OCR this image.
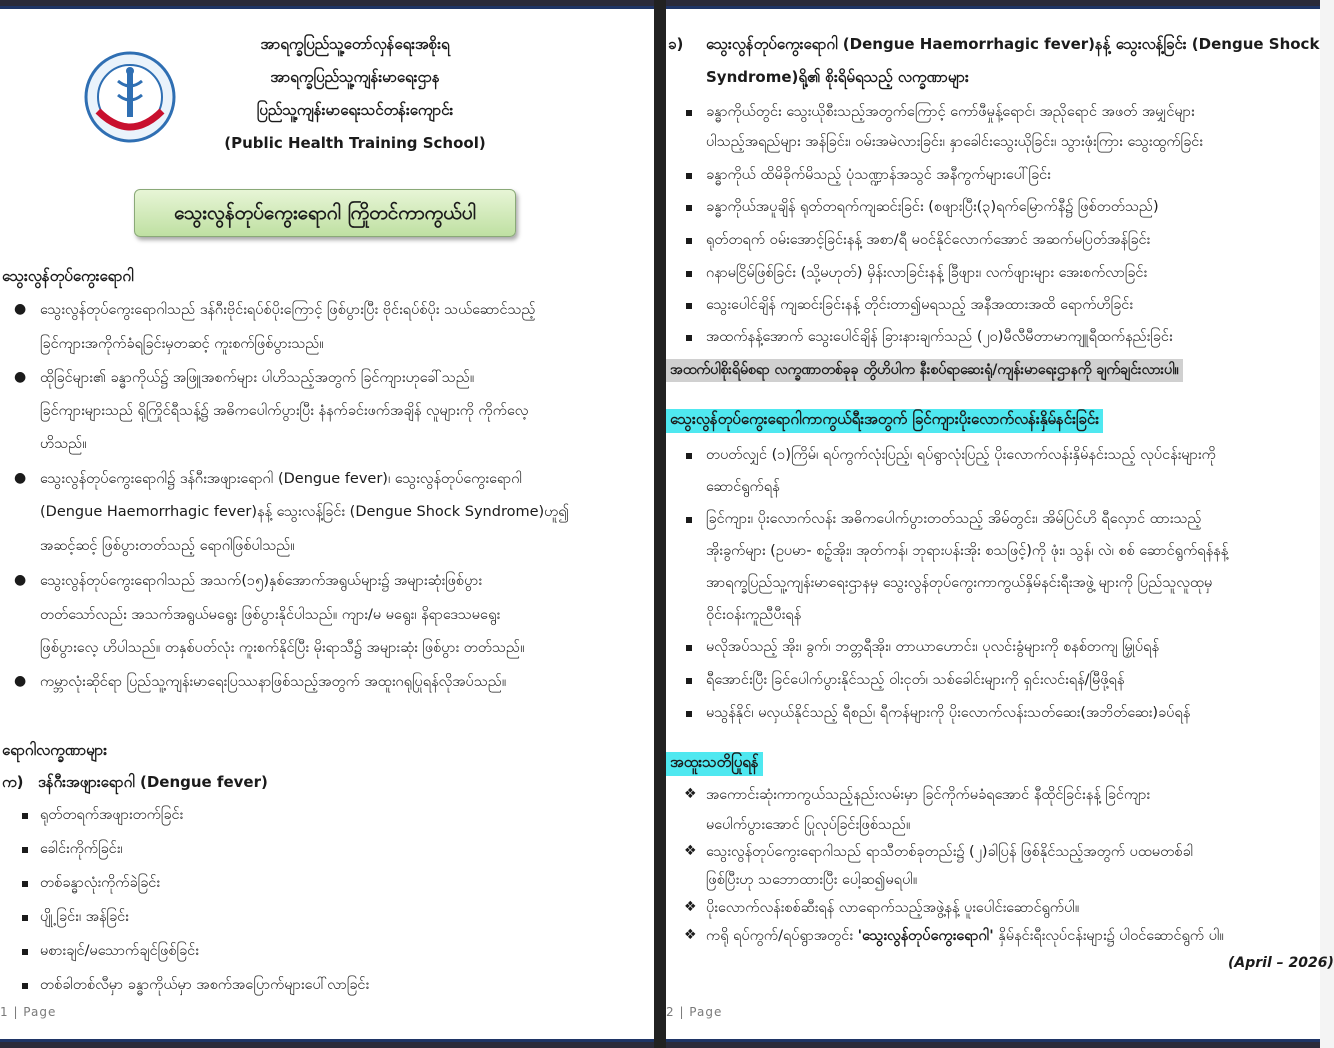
အာရက္ခပြည်သူ့တော်လှန်ရေးအစိုးရ
အာရက္ခပြည်သူ့ကျန်းမာရေးဌာန
ပြည်သူ့ကျန်းမာရေးသင်တန်းကျောင်း
(Public Health Training School)
သွေးလွန်တုပ်ကွေးရောဂါ ကြိုတင်ကာကွယ်ပါ
သွေးလွန်တုပ်ကွေးရောဂါ
● သွေးလွန်တုပ်ကွေးရောဂါသည် ဒန်ဂီးဗိုင်းရပ်စ်ပိုးကြောင့် ဖြစ်ပွားပြီး ဗိုင်းရပ်စ်ပိုး သယ်ဆောင်သည့်
ခြင်ကျားအကိုက်ခံရခြင်းမှတဆင့် ကူးစက်ဖြစ်ပွားသည်။
● ထိုခြင်များ၏ ခန္ဓာကိုယ်၌ အဖြူအစက်များ ပါဟိသည့်အတွက် ခြင်ကျားဟုခေါ်သည်။
ခြင်ကျားများသည် ရိုကြိုင်ရီသန့်၌ အဓိကပေါက်ပွားပြီး နံနက်ခင်းဖက်အချိန် လူများကို ကိုက်လေ့
ဟိသည်။
● သွေးလွန်တုပ်ကွေးရောဂါ၌ ဒန်ဂီးအဖျားရောဂါ (Dengue fever)၊ သွေးလွန်တုပ်ကွေးရောဂါ
(Dengue Haemorrhagic fever)နန့် သွေးလန့်ခြင်း (Dengue Shock Syndrome)ဟူ၍
အဆင့်ဆင့် ဖြစ်ပွားတတ်သည့် ရောဂါဖြစ်ပါသည်။
● သွေးလွန်တုပ်ကွေးရောဂါသည် အသက်(၁၅)နှစ်အောက်အရွယ်များ၌ အများဆုံးဖြစ်ပွား
တတ်သော်လည်း အသက်အရွယ်မရွေး ဖြစ်ပွားနိုင်ပါသည်။ ကျား/မ မရွေး၊ နိရာဒေသမရွေး
ဖြစ်ပွားလေ့ ဟိပါသည်။ တနှစ်ပတ်လုံး ကူးစက်နိုင်ပြီး မိုးရာသီ၌ အများဆုံး ဖြစ်ပွား တတ်သည်။
● ကမ္ဘာလုံးဆိုင်ရာ ပြည်သူ့ကျန်းမာရေးပြဿနာဖြစ်သည့်အတွက် အထူးဂရုပြုရန်လိုအပ်သည်။
ရောဂါလက္ခဏာများ
က) ဒန်ဂီးအဖျားရောဂါ (Dengue fever)
ရုတ်တရက်အဖျားတက်ခြင်း
ခေါင်းကိုက်ခြင်း၊
တစ်ခန္ဓာလုံးကိုက်ခဲခြင်း
ပျို့ခြင်း၊ အန်ခြင်း
မစားချင်/မသောက်ချင်ဖြစ်ခြင်း
တစ်ခါတစ်လီမှာ ခန္ဓာကိုယ်မှာ အစက်အပြောက်များပေါ်လာခြင်း
1 | Page
ခ) သွေးလွန်တုပ်ကွေးရောဂါ (Dengue Haemorrhagic fever)နန့် သွေးလန့်ခြင်း (Dengue Shock
Syndrome)ရို့၏ စိုးရိမ်ရသည့် လက္ခဏာများ
ခန္ဓာကိုယ်တွင်း သွေးယိုစီးသည့်အတွက်ကြောင့် ကော်ဖီမှုန့်ရောင်၊ အညိုရောင် အဖတ် အမျှင်များ
ပါသည့်အရည်များ အန်ခြင်း၊ ဝမ်းအမဲလားခြင်း၊ နှာခေါင်းသွေးယိုခြင်း၊ သွားဖုံးကြား သွေးထွက်ခြင်း
ခန္ဓာကိုယ် ထိမိခိုက်မိသည့် ပုံသဏ္ဍာန်အသွင် အနီကွက်များပေါ်ခြင်း
ခန္ဓာကိုယ်အပူချိန် ရုတ်တရက်ကျဆင်းခြင်း (စဖျားပြီး(၃)ရက်မြောက်နီ၌ ဖြစ်တတ်သည်)
ရုတ်တရက် ဝမ်းအောင့်ခြင်းနန့် အစာ/ရီ မဝင်နိုင်လောက်အောင် အဆက်မပြတ်အန်ခြင်း
ဂနာမငြိမ်ဖြစ်ခြင်း (သို့မဟုတ်) မှိန်းလာခြင်းနန့် ခြီဖျား၊ လက်ဖျားများ အေးစက်လာခြင်း
သွေးပေါင်ချိန် ကျဆင်းခြင်းနန့် တိုင်းတာ၍မရသည့် အနီအထားအထိ ရောက်ဟိခြင်း
အထက်နန့်အောက် သွေးပေါင်ချိန် ခြားနားချက်သည် (၂၀)မီလီမီတာမာကျူရီထက်နည်းခြင်း
အထက်ပါစိုးရိမ်စရာ လက္ခဏာတစ်ခုခု တွိဟိပါက နီးစပ်ရာဆေးရုံ/ကျန်းမာရေးဌာနကို ချက်ချင်းလားပါ။
သွေးလွန်တုပ်ကွေးရောဂါကာကွယ်ရီးအတွက် ခြင်ကျားပိုးလောက်လန်းနှိမ်နင်းခြင်း
တပတ်လျှင် (၁)ကြိမ်၊ ရပ်ကွက်လုံးပြည့်၊ ရပ်ရွာလုံးပြည့် ပိုးလောက်လန်းနှိမ်နင်းသည့် လုပ်ငန်းများကို
ဆောင်ရွက်ရန်
ခြင်ကျား၊ ပိုးလောက်လန်း အဓိကပေါက်ပွားတတ်သည့် အိမ်တွင်း၊ အိမ်ပြင်ဟိ ရီလှောင် ထားသည့်
အိုးခွက်များ (ဥပမာ- စဉ့်အိုး၊ အုတ်ကန်၊ ဘုရားပန်းအိုး စသဖြင့်)ကို ဖုံး၊ သွန်၊ လဲ၊ စစ် ဆောင်ရွက်ရန်နန့်
အာရက္ခပြည်သူ့ကျန်းမာရေးဌာနမှ သွေးလွန်တုပ်ကွေးကာကွယ်နှိမ်နင်းရီးအဖွဲ့ များကို ပြည်သူလူထုမှ
ဝိုင်းဝန်းကူညီပီးရန်
မလိုအပ်သည့် အိုး၊ ခွက်၊ ဘတ္တရီအိုး၊ တာယာဟောင်း၊ ပုလင်းခွံများကို စနစ်တကျ မြှုပ်ရန်
ရီအောင်းပြီး ခြင်ပေါက်ပွားနိုင်သည့် ဝါးငုတ်၊ သစ်ခေါင်းများကို ရှင်းလင်းရန်/မြီဖို့ရန်
မသွန်နိုင်၊ မလှယ်နိုင်သည့် ရီစည်၊ ရီကန်များကို ပိုးလောက်လန်းသတ်ဆေး(အဘိတ်ဆေး)ခပ်ရန်
အထူးသတိပြုရန်
❖ အကောင်းဆုံးကာကွယ်သည့်နည်းလမ်းမှာ ခြင်ကိုက်မခံရအောင် နီထိုင်ခြင်းနန့် ခြင်ကျား
မပေါက်ပွားအောင် ပြုလုပ်ခြင်းဖြစ်သည်။
❖ သွေးလွန်တုပ်ကွေးရောဂါသည် ရာသီတစ်ခုတည်း၌ (၂)ခါပြန် ဖြစ်နိုင်သည့်အတွက် ပထမတစ်ခါ
ဖြစ်ပြီးဟု သဘောထားပြီး ပေါ့ဆ၍မရပါ။
❖ ပိုးလောက်လန်းစစ်ဆီးရန် လာရောက်သည့်အဖွဲ့နန့် ပူးပေါင်းဆောင်ရွက်ပါ။
❖ ကရို ရပ်ကွက်/ရပ်ရွာအတွင်း 'သွေးလွန်တုပ်ကွေးရောဂါ' နှိမ်နင်းရီးလုပ်ငန်းများ၌ ပါဝင်ဆောင်ရွက် ပါ။
(April – 2026)
2 | Page
